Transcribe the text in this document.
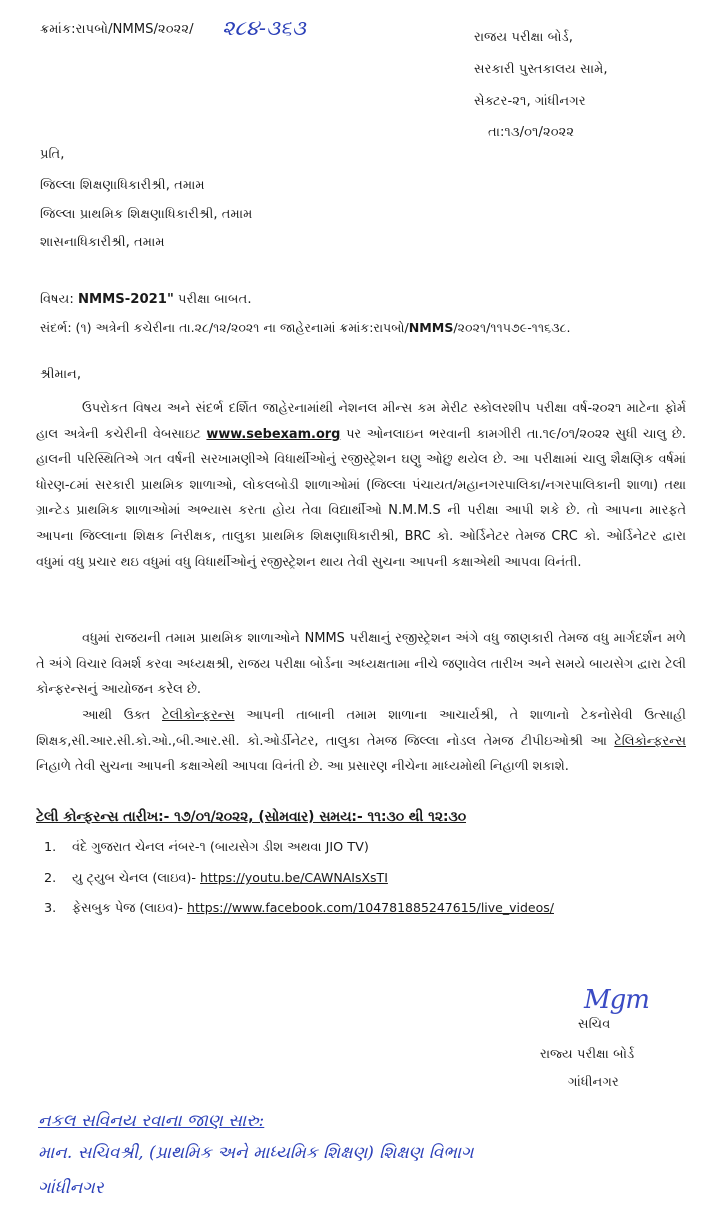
ક્રમાંક:રાપબો/NMMS/૨૦૨૨/ ૨૮૪-૩૬૩	રાજય પરીક્ષા બોર્ડ,
સરકારી પુસ્તકાલય સામે,
સેક્ટર-૨૧, ગાંધીનગર
તા:૧૩/૦૧/૨૦૨૨
પ્રતિ,
જિલ્લા શિક્ષણાધિકારીશ્રી, તમામ
જિલ્લા પ્રાથમિક શિક્ષણાધિકારીશ્રી, તમામ
શાસનાધિકારીશ્રી, તમામ
વિષય: NMMS-2021" પરીક્ષા બાબત.
સંદર્ભ: (૧) અત્રેની કચેરીના તા.૨૮/૧૨/૨૦૨૧ ના જાહેરનામાં ક્રમાંક:રાપબો/NMMS/૨૦૨૧/૧૧૫૭૯-૧૧૬૩૮.
શ્રીમાન,
ઉપરોકત વિષય અને સંદર્ભ દર્શિત જાહેરનામાંથી નેશનલ મીન્સ કમ મેરીટ સ્કોલરશીપ પરીક્ષા વર્ષ-૨૦૨૧ માટેના ફોર્મ હાલ અત્રેની કચેરીની વેબસાઇટ www.sebexam.org પર ઓનલાઇન ભરવાની કામગીરી તા.૧૯/૦૧/૨૦૨૨ સુધી ચાલુ છે. હાલની પરિસ્થિતિએ ગત વર્ષની સરખામણીએ વિધાર્થીઓનું રજીસ્ટ્રેશન ઘણુ ઓછુ થયેલ છે. આ પરીક્ષામાં ચાલુ શૈક્ષણિક વર્ષમાં ધોરણ-૮માં સરકારી પ્રાથમિક શાળાઓ, લોકલબોડી શાળાઓમાં (જિલ્લા પંચાયત/મહાનગરપાલિકા/નગરપાલિકાની શાળા) તથા ગ્રાન્ટેડ પ્રાથમિક શાળાઓમાં અભ્યાસ કરતા હોય તેવા વિદ્યાર્થીઓ N.M.M.S ની પરીક્ષા આપી શકે છે. તો આપના મારફતે આપના જિલ્લાના શિક્ષક નિરીક્ષક, તાલુકા પ્રાથમિક શિક્ષણાધિકારીશ્રી, BRC કો. ઓર્ડિનેટર તેમજ CRC કો. ઓર્ડિનેટર દ્વારા વધુમાં વધુ પ્રચાર થઇ વધુમાં વધુ વિધાર્થીઓનું રજીસ્ટ્રેશન થાય તેવી સુચના આપની કક્ષાએથી આપવા વિનંતી.
વધુમાં રાજયની તમામ પ્રાથમિક શાળાઓને NMMS પરીક્ષાનું રજીસ્ટ્રેશન અંગે વધુ જાણકારી તેમજ વધુ માર્ગદર્શન મળે તે અંગે વિચાર વિમર્શ કરવા અધ્યક્ષશ્રી, રાજય પરીક્ષા બોર્ડના અધ્યક્ષતામા નીચે જણાવેલ તારીખ અને સમયે બાયસેગ દ્વારા ટેલી કોન્ફરન્સનું આયોજન કરેલ છે.
આથી ઉક્ત ટેલીકોન્ફરન્સ આપની તાબાની તમામ શાળાના આચાર્યશ્રી, તે શાળાનો ટેકનોસેવી ઉત્સાહી શિક્ષક,સી.આર.સી.કો.ઓ.,બી.આર.સી. કો.ઓર્ડીનેટર, તાલુકા તેમજ જિલ્લા નોડલ તેમજ ટીપીઇઓશ્રી આ ટેલિકોન્ફરન્સ નિહાળે તેવી સુચના આપની કક્ષાએથી આપવા વિનંતી છે. આ પ્રસારણ નીચેના માધ્યમોથી નિહાળી શકાશે.
ટેલી કોન્ફરન્સ તારીખ:- ૧૭/૦૧/૨૦૨૨, (સોમવાર) સમય:- ૧૧:૩૦ થી ૧૨:૩૦
1. વંદે ગુજરાત ચેનલ નંબર-૧ (બાયસેગ ડીશ અથવા JIO TV)
2. યુ ટ્યુબ ચેનલ (લાઇવ)- https://youtu.be/CAWNAIsXsTI
3. ફેસબુક પેજ (લાઇવ)- https://www.facebook.com/104781885247615/live_videos/
Mgm
સચિવ
રાજ્ય પરીક્ષા બોર્ડ
ગાંધીનગર
નકલ સવિનય રવાના જાણ સારુ:
માન. સચિવશ્રી, (પ્રાથમિક અને માધ્યમિક શિક્ષણ) શિક્ષણ વિભાગ
ગાંધીનગર
